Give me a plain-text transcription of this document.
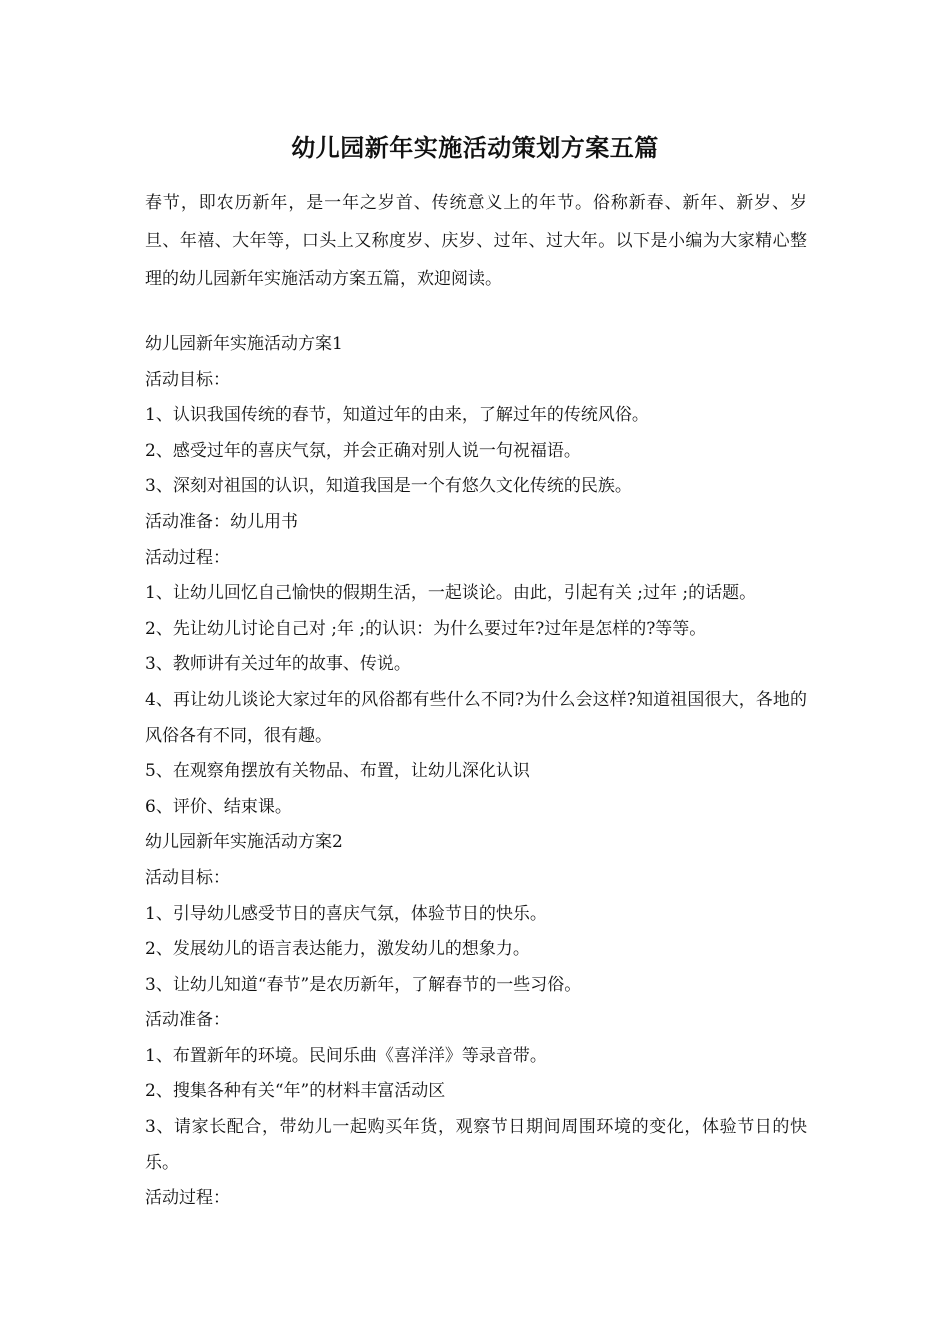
幼儿园新年实施活动策划方案五篇
春节，即农历新年，是一年之岁首、传统意义上的年节。俗称新春、新年、新岁、岁旦、年禧、大年等，口头上又称度岁、庆岁、过年、过大年。以下是小编为大家精心整理的幼儿园新年实施活动方案五篇，欢迎阅读。

幼儿园新年实施活动方案1

活动目标：

1、认识我国传统的春节，知道过年的由来，了解过年的传统风俗。

2、感受过年的喜庆气氛，并会正确对别人说一句祝福语。

3、深刻对祖国的认识，知道我国是一个有悠久文化传统的民族。

活动准备：幼儿用书

活动过程：

1、让幼儿回忆自己愉快的假期生活，一起谈论。由此，引起有关 ;过年 ;的话题。

2、先让幼儿讨论自己对 ;年 ;的认识：为什么要过年?过年是怎样的?等等。

3、教师讲有关过年的故事、传说。

4、再让幼儿谈论大家过年的风俗都有些什么不同?为什么会这样?知道祖国很大，各地的风俗各有不同，很有趣。

5、在观察角摆放有关物品、布置，让幼儿深化认识

6、评价、结束课。

幼儿园新年实施活动方案2

活动目标：

1、引导幼儿感受节日的喜庆气氛，体验节日的快乐。

2、发展幼儿的语言表达能力，激发幼儿的想象力。

3、让幼儿知道“春节”是农历新年，了解春节的一些习俗。

活动准备：

1、布置新年的环境。民间乐曲《喜洋洋》等录音带。

2、搜集各种有关“年”的材料丰富活动区

3、请家长配合，带幼儿一起购买年货，观察节日期间周围环境的变化，体验节日的快乐。

活动过程：
